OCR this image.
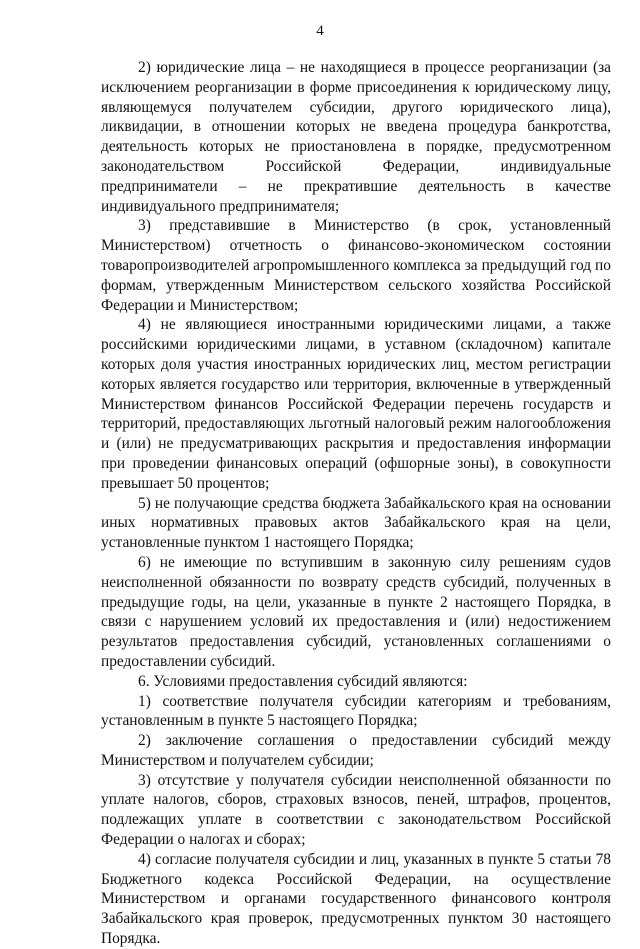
4

2) юридические лица – не находящиеся в процессе реорганизации (за исключением реорганизации в форме присоединения к юридическому лицу, являющемуся получателем субсидии, другого юридического лица), ликвидации, в отношении которых не введена процедура банкротства, деятельность которых не приостановлена в порядке, предусмотренном законодательством Российской Федерации, индивидуальные предприниматели – не прекратившие деятельность в качестве индивидуального предпринимателя;

3) представившие в Министерство (в срок, установленный Министерством) отчетность о финансово-экономическом состоянии товаропроизводителей агропромышленного комплекса за предыдущий год по формам, утвержденным Министерством сельского хозяйства Российской Федерации и Министерством;

4) не являющиеся иностранными юридическими лицами, а также российскими юридическими лицами, в уставном (складочном) капитале которых доля участия иностранных юридических лиц, местом регистрации которых является государство или территория, включенные в утвержденный Министерством финансов Российской Федерации перечень государств и территорий, предоставляющих льготный налоговый режим налогообложения и (или) не предусматривающих раскрытия и предоставления информации при проведении финансовых операций (офшорные зоны), в совокупности превышает 50 процентов;

5) не получающие средства бюджета Забайкальского края на основании иных нормативных правовых актов Забайкальского края на цели, установленные пунктом 1 настоящего Порядка;

6) не имеющие по вступившим в законную силу решениям судов неисполненной обязанности по возврату средств субсидий, полученных в предыдущие годы, на цели, указанные в пункте 2 настоящего Порядка, в связи с нарушением условий их предоставления и (или) недостижением результатов предоставления субсидий, установленных соглашениями о предоставлении субсидий.

6. Условиями предоставления субсидий являются:

1) соответствие получателя субсидии категориям и требованиям, установленным в пункте 5 настоящего Порядка;

2) заключение соглашения о предоставлении субсидий между Министерством и получателем субсидии;

3) отсутствие у получателя субсидии неисполненной обязанности по уплате налогов, сборов, страховых взносов, пеней, штрафов, процентов, подлежащих уплате в соответствии с законодательством Российской Федерации о налогах и сборах;

4) согласие получателя субсидии и лиц, указанных в пункте 5 статьи 78 Бюджетного кодекса Российской Федерации, на осуществление Министерством и органами государственного финансового контроля Забайкальского края проверок, предусмотренных пунктом 30 настоящего Порядка.
